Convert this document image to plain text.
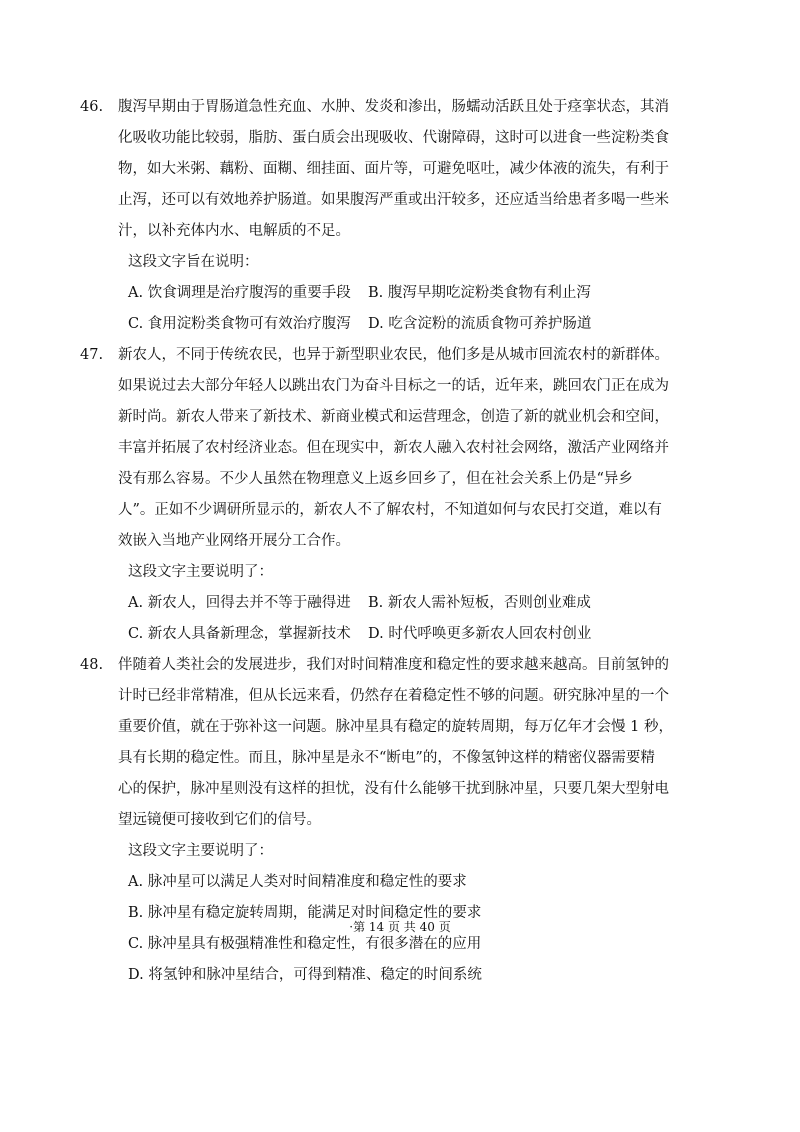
46. 腹泻早期由于胃肠道急性充血、水肿、发炎和渗出，肠蠕动活跃且处于痉挛状态，其消
化吸收功能比较弱，脂肪、蛋白质会出现吸收、代谢障碍，这时可以进食一些淀粉类食
物，如大米粥、藕粉、面糊、细挂面、面片等，可避免呕吐，减少体液的流失，有利于
止泻，还可以有效地养护肠道。如果腹泻严重或出汗较多，还应适当给患者多喝一些米
汁，以补充体内水、电解质的不足。

这段文字旨在说明：

A. 饮食调理是治疗腹泻的重要手段	B. 腹泻早期吃淀粉类食物有利止泻
C. 食用淀粉类食物可有效治疗腹泻	D. 吃含淀粉的流质食物可养护肠道
47. 新农人，不同于传统农民，也异于新型职业农民，他们多是从城市回流农村的新群体。
如果说过去大部分年轻人以跳出农门为奋斗目标之一的话，近年来，跳回农门正在成为
新时尚。新农人带来了新技术、新商业模式和运营理念，创造了新的就业机会和空间，
丰富并拓展了农村经济业态。但在现实中，新农人融入农村社会网络，激活产业网络并
没有那么容易。不少人虽然在物理意义上返乡回乡了，但在社会关系上仍是“异乡
人”。正如不少调研所显示的，新农人不了解农村，不知道如何与农民打交道，难以有
效嵌入当地产业网络开展分工合作。

这段文字主要说明了：

A. 新农人，回得去并不等于融得进	B. 新农人需补短板，否则创业难成
C. 新农人具备新理念，掌握新技术	D. 时代呼唤更多新农人回农村创业
48. 伴随着人类社会的发展进步，我们对时间精准度和稳定性的要求越来越高。目前氢钟的
计时已经非常精准，但从长远来看，仍然存在着稳定性不够的问题。研究脉冲星的一个
重要价值，就在于弥补这一问题。脉冲星具有稳定的旋转周期，每万亿年才会慢 1 秒，
具有长期的稳定性。而且，脉冲星是永不“断电”的，不像氢钟这样的精密仪器需要精
心的保护，脉冲星则没有这样的担忧，没有什么能够干扰到脉冲星，只要几架大型射电
望远镜便可接收到它们的信号。

这段文字主要说明了：

A. 脉冲星可以满足人类对时间精准度和稳定性的要求
B. 脉冲星有稳定旋转周期，能满足对时间稳定性的要求
C. 脉冲星具有极强精准性和稳定性，有很多潜在的应用
D. 将氢钟和脉冲星结合，可得到精准、稳定的时间系统
·第 14 页 共 40 页
